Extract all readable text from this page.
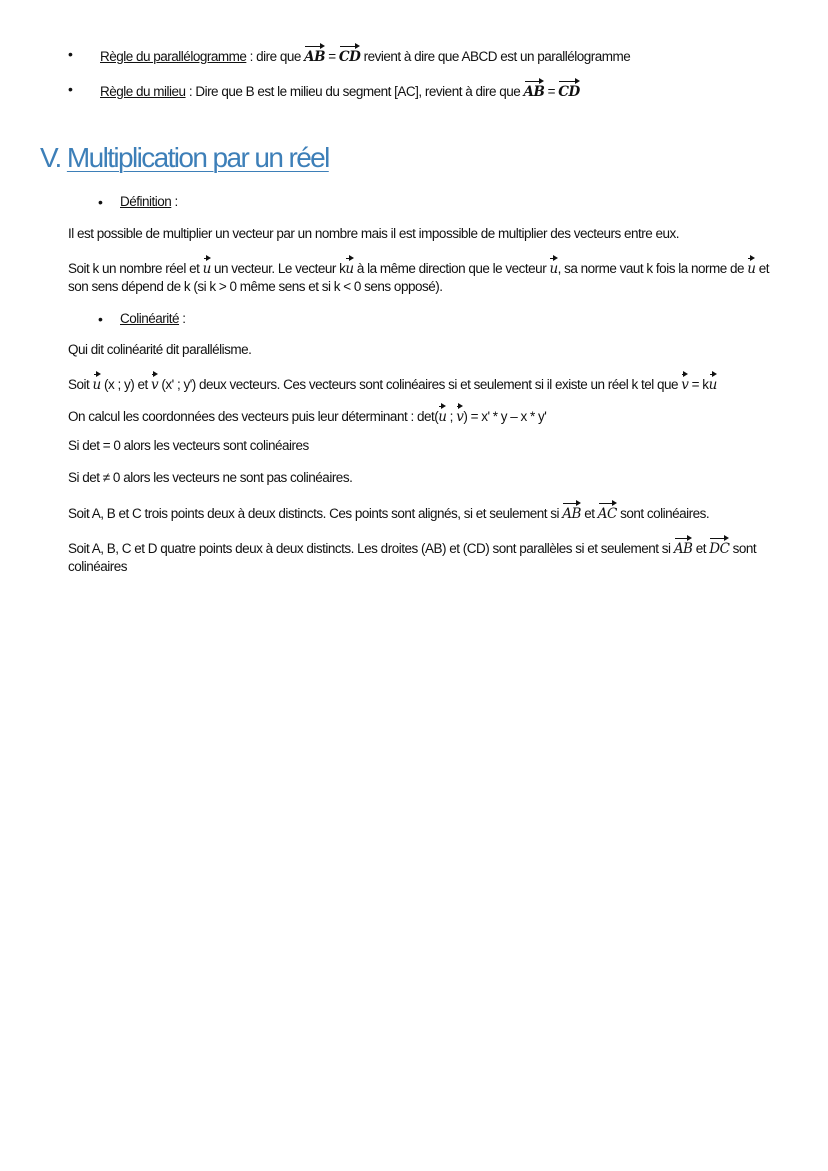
• Règle du parallélogramme : dire que AB = CD revient à dire que ABCD est un parallélogramme
• Règle du milieu : Dire que B est le milieu du segment [AC], revient à dire que AB = CD
V. Multiplication par un réel
• Définition :
Il est possible de multiplier un vecteur par un nombre mais il est impossible de multiplier des vecteurs entre eux.
Soit k un nombre réel et u un vecteur. Le vecteur ku à la même direction que le vecteur u, sa norme vaut k fois la norme de u et
son sens dépend de k (si k > 0 même sens et si k < 0 sens opposé).
• Colinéarité :
Qui dit colinéarité dit parallélisme.
Soit u (x ; y) et v (x' ; y') deux vecteurs. Ces vecteurs sont colinéaires si et seulement si il existe un réel k tel que v = ku
On calcul les coordonnées des vecteurs puis leur déterminant : det(u ; v) = x' * y – x * y'
Si det = 0 alors les vecteurs sont colinéaires
Si det ≠ 0 alors les vecteurs ne sont pas colinéaires.
Soit A, B et C trois points deux à deux distincts. Ces points sont alignés, si et seulement si AB et AC sont colinéaires.
Soit A, B, C et D quatre points deux à deux distincts. Les droites (AB) et (CD) sont parallèles si et seulement si AB et DC sont
colinéaires
